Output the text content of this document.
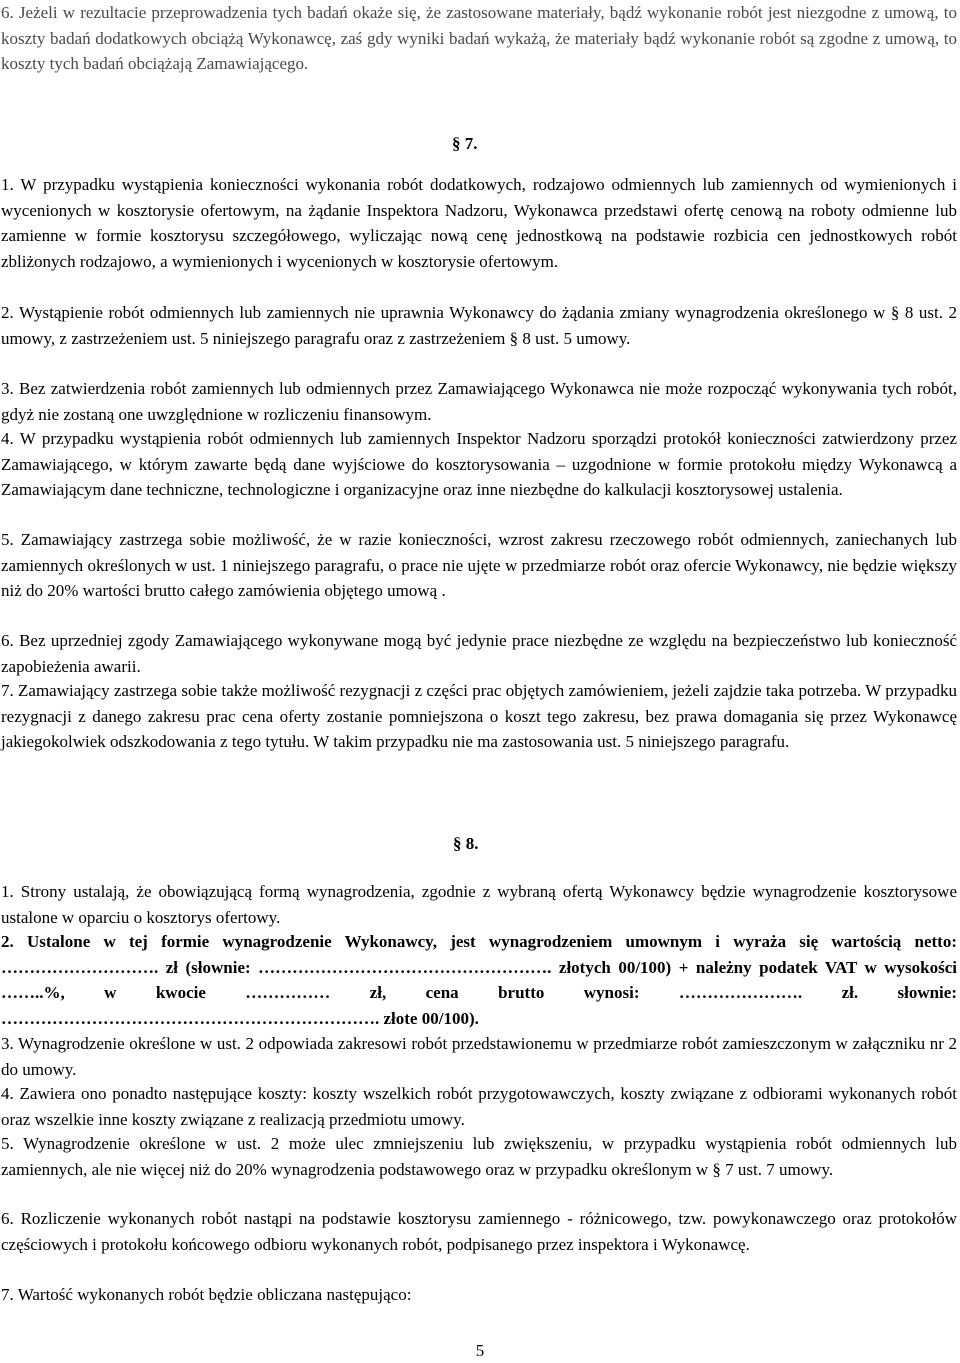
6. Jeżeli w rezultacie przeprowadzenia tych badań okaże się, że zastosowane materiały, bądź wykonanie robót jest niezgodne z umową, to koszty badań dodatkowych obciążą Wykonawcę, zaś gdy wyniki badań wykażą, że materiały bądź wykonanie robót są zgodne z umową, to koszty tych badań obciążają Zamawiającego.

§ 7.

1. W przypadku wystąpienia konieczności wykonania robót dodatkowych, rodzajowo odmiennych lub zamiennych od wymienionych i wycenionych w kosztorysie ofertowym, na żądanie Inspektora Nadzoru, Wykonawca przedstawi ofertę cenową na roboty odmienne lub zamienne w formie kosztorysu szczegółowego, wyliczając nową cenę jednostkową na podstawie rozbicia cen jednostkowych robót zbliżonych rodzajowo, a wymienionych i wycenionych w kosztorysie ofertowym.

2. Wystąpienie robót odmiennych lub zamiennych nie uprawnia Wykonawcy do żądania zmiany wynagrodzenia określonego w § 8 ust. 2 umowy, z zastrzeżeniem ust. 5 niniejszego paragrafu oraz z zastrzeżeniem § 8 ust. 5 umowy.

3. Bez zatwierdzenia robót zamiennych lub odmiennych przez Zamawiającego Wykonawca nie może rozpocząć wykonywania tych robót, gdyż nie zostaną one uwzględnione w rozliczeniu finansowym.

4. W przypadku wystąpienia robót odmiennych lub zamiennych Inspektor Nadzoru sporządzi protokół konieczności zatwierdzony przez Zamawiającego, w którym zawarte będą dane wyjściowe do kosztorysowania – uzgodnione w formie protokołu między Wykonawcą a Zamawiającym dane techniczne, technologiczne i organizacyjne oraz inne niezbędne do kalkulacji kosztorysowej ustalenia.

5. Zamawiający zastrzega sobie możliwość, że w razie konieczności, wzrost zakresu rzeczowego robót odmiennych, zaniechanych lub zamiennych określonych w ust. 1 niniejszego paragrafu, o prace nie ujęte w przedmiarze robót oraz ofercie Wykonawcy, nie będzie większy niż do 20% wartości brutto całego zamówienia objętego umową .

6. Bez uprzedniej zgody Zamawiającego wykonywane mogą być jedynie prace niezbędne ze względu na bezpieczeństwo lub konieczność zapobieżenia awarii.

7. Zamawiający zastrzega sobie także możliwość rezygnacji z części prac objętych zamówieniem, jeżeli zajdzie taka potrzeba. W przypadku rezygnacji z danego zakresu prac cena oferty zostanie pomniejszona o koszt tego zakresu, bez prawa domagania się przez Wykonawcę jakiegokolwiek odszkodowania z tego tytułu. W takim przypadku nie ma zastosowania ust. 5 niniejszego paragrafu.

§ 8.

1. Strony ustalają, że obowiązującą formą wynagrodzenia, zgodnie z wybraną ofertą Wykonawcy będzie wynagrodzenie kosztorysowe ustalone w oparciu o kosztorys ofertowy.

2. Ustalone w tej formie wynagrodzenie Wykonawcy, jest wynagrodzeniem umownym i wyraża się wartością netto: ………………………. zł (słownie: ……………………………………………. złotych 00/100) + należny podatek VAT w wysokości ……..%, w kwocie …………… zł, cena brutto wynosi: …………………. zł. słownie: …………………………………………………………. złote 00/100).

3. Wynagrodzenie określone w ust. 2 odpowiada zakresowi robót przedstawionemu w przedmiarze robót zamieszczonym w załączniku nr 2 do umowy.

4. Zawiera ono ponadto następujące koszty: koszty wszelkich robót przygotowawczych, koszty związane z odbiorami wykonanych robót oraz wszelkie inne koszty związane z realizacją przedmiotu umowy.

5. Wynagrodzenie określone w ust. 2 może ulec zmniejszeniu lub zwiększeniu, w przypadku wystąpienia robót odmiennych lub zamiennych, ale nie więcej niż do 20% wynagrodzenia podstawowego oraz w przypadku określonym w § 7 ust. 7 umowy.

6. Rozliczenie wykonanych robót nastąpi na podstawie kosztorysu zamiennego - różnicowego, tzw. powykonawczego oraz protokołów częściowych i protokołu końcowego odbioru wykonanych robót, podpisanego przez inspektora i Wykonawcę.

7. Wartość wykonanych robót będzie obliczana następująco:

5
